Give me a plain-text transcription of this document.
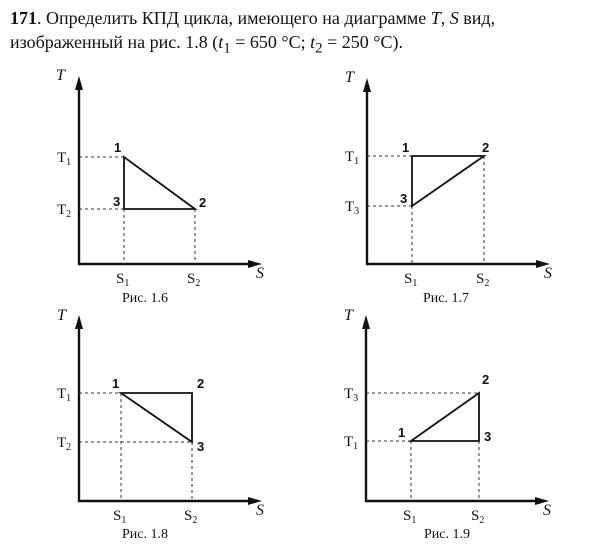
171. Определить КПД цикла, имеющего на диаграмме T, S вид,
изображенный на рис. 1.8 ($t_1 = 650$ °C; $t_2 = 250$ °C).
T
S
$T_1$
$T_2$
$S_1$	$S_2$
1
2
3
Рис. 1.6
T
S
$T_1$
$T_3$
$S_1$	$S_2$
1	2
3
Рис. 1.7
T
S
$T_1$
$T_2$
$S_1$	$S_2$
1	2
3
Рис. 1.8
T
S
$T_3$
$T_1$
$S_1$	$S_2$
1
2
3
Рис. 1.9
